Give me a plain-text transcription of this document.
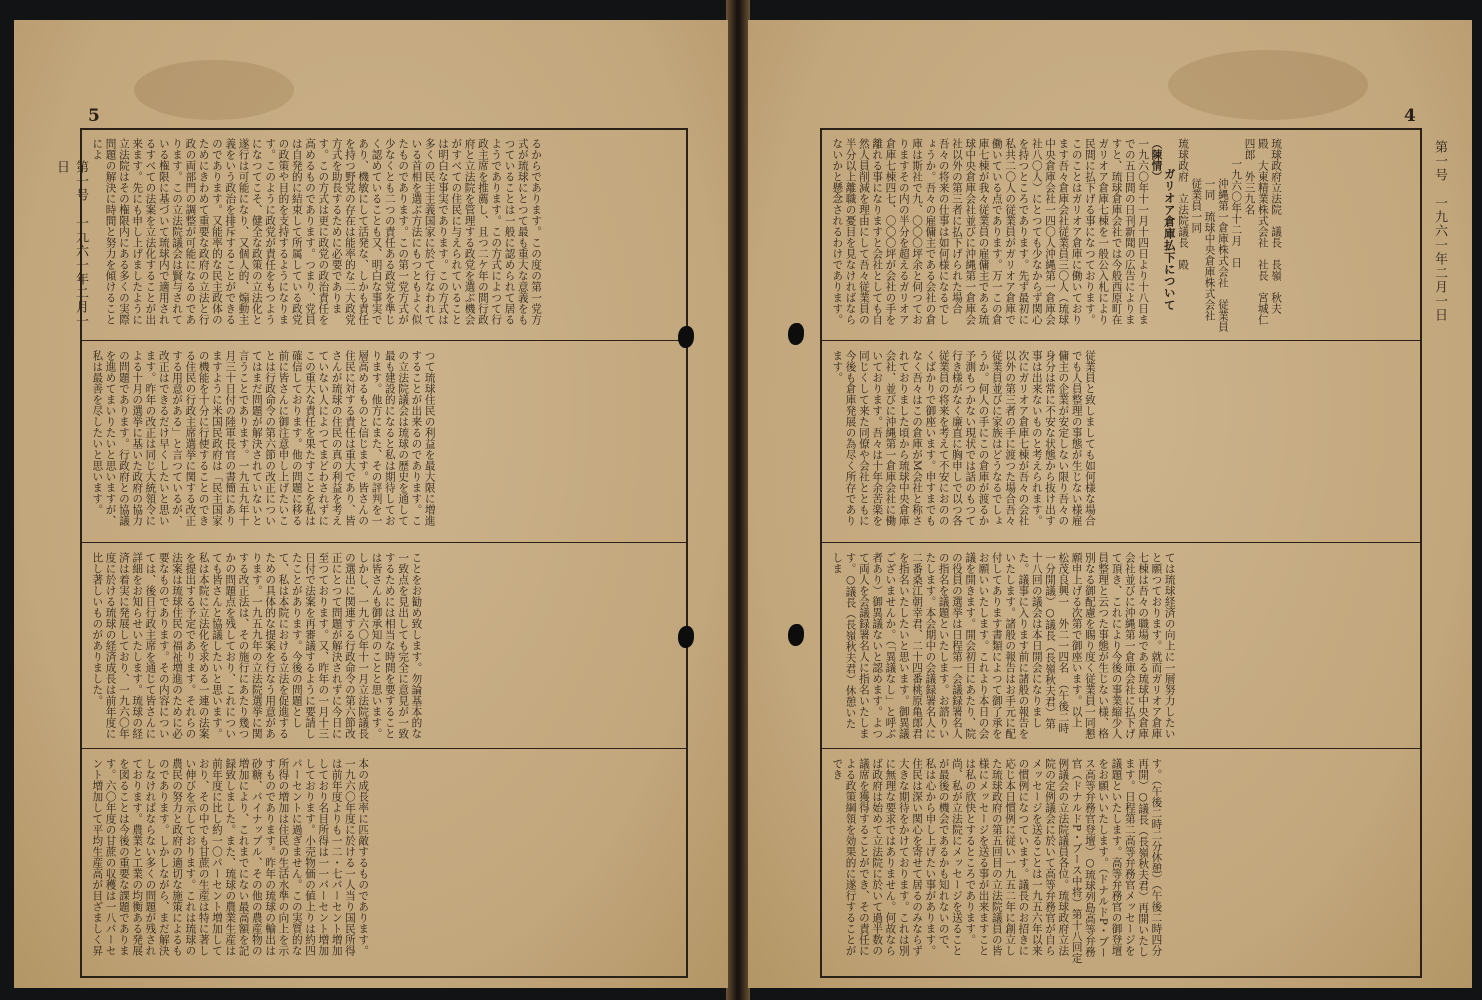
5
第一号　一九六一年二月一日	るからであります。この度の第一党方式が琉球にとつて最も重大な意義をもつていることは一般に認められて居るようであります。この方式によつて行政主席を推薦し、且つ二ケ年の間行政府と立法院を管理する政党を選ぶ機会がすべての住民に与えられていることは明白な事実であります。この方式は多くの民主主義国家に於て行なわれている首相を選ぶ方法にもつともよく似たものであります。この第一党方式が少なくとも二つの責任ある政党を準じく認めていることも又、明白な事実であり、機敏にして活発な、しかも責任を持つ野党の存在は能率的な二大政党方式を助長するために必要であります。この方式は更に政党の政治責任を高めるものであります。つまり、党員は自発的に結束して所属している政党の政策や目的を支持するようになります。このように政党が責任をもつようになつてこそ、健全な政策の立法化と遂行は可能になり、又個人的、煽動主義をいう政治を排斥することができるのであります。又能率的な民主政体のためにきわめて重要な政府の立法と行政の両部門の調整が可能になるのであります。この立法院議会は賢与されている権限に基づいて琉球内で適用されるすべての法案を立法化することが出来ます。先にも申し上げましたように立法院はその権限内にある多くの実際問題の解決に時間と努力を傾けることによ
つて琉球住民の利益を最大限に増進することが出来るのであります。この立法院議会は琉球の歴史を通して最も建設的になると私は期待しております。他方にまた、その評判を一層高めるものと信じます。皆さんの住民に対する責任は重大であり、皆さんが琉球の住民の真の利益を考えていない人によつてまどわされずにこの重大な責任を果たすことを私は確信しております。他の問題に移る前に皆さんに御注意申し上げたいことは行政命令の第六節の改正についてはまだ問題が解決されていないと言うことであります。一九五九年十月三十日付の陸軍長官の書簡にありますように米国民政府は「民主国家の機能を十分に行使することのできる住民の行政主席選挙に関する改正する用意がある」と言つているが、改正はできるだけ早くしたいと思います。昨年の改正は同じ大統領令による十月の選挙に基いた政府の協力の問題であります。行政府との協議を進めてまいりたいと思いますが、私は最善を尽したいと思います。
ことをお勧め致します。勿論基本的な一致点を見出しても完全に意見が一致するためには相当な時間を要することは皆さんも御承知のことと思います。しかし、一九六〇年十一月立法院議長の選出に関連する行政命令の第六節改正にとつて問題が解決されずに今日に至つております。又、昨年の一月十三日付で法案を再審議するように要請したことがあります。今後の問題として、私は本院における立法を促進するための具体的な提案を行なう用意があります。一九五九年の立法院選挙に関する改正法は、その施行にあたり幾つかの問題点を残しており、これについても皆さんと協議したいと思います。私は本院に立法化を求める一連の法案を提出する予定であります。それらの法案は琉球住民の福祉増進のために必要なものであります。その内容については、後日行政主席を通じて皆さんに詳細をお知らせいたします。琉球の経済は着実に発展しており、一九六〇年度に於ける琉球の経済成長は前年度に比し著しいものがありました。
本の成長率に匹敵するものであります。一九六〇年度に於ける一人当り国民所得は前年度よりも一二・七パーセント増加しており名目所得は一一パーセント増加しております。小売物価の値上りは約四パーセントに過ぎません。この実質的な所得の増加は住民の生活水準の向上を示すものであります。昨年の琉球の輸出は砂糖、パイナップル、その他の農産物の増加により、これまでにない最高額を記録致しました。また、琉球の農業生産は前年度に比し約一〇パーセント増加しており、その中でも甘蔗の生産は特に著しい伸びを示しております。これは琉球の農民の努力と政府の適切な施策によるものであります。しかしながら、まだ解決しなければならない多くの問題が残されております。農業と工業の均衡ある発展を図ることは今後の重要な課題であります。六〇年度の甘蔗の収穫は一八パーセント増加して平均生産高が目ざましく昇
4
第一号　一九六一年二月一日

琉球政府立法院　議長　長嶺　秋夫　殿　大東精業株式会社　社長　宮城仁四郎　外三九名

一九六〇年十二月　日

沖縄第一倉庫株式会社　従業員一同　琉球中央倉庫株式会社　従業員一同

琉球政府　立法院議長　殿

ガリオア倉庫払下について

（陳情）

一九六〇年十一月十四日より十八日までの五日間の日刊新聞の広告によりますと、琉球倉庫会社では今般西原町在ガリオア倉庫七棟を一般公入札により民間に払下げる事になつております。このことはガリオア倉庫に働いております吾々倉庫会社従業員三〇人（琉球中央倉庫会社一四〇人沖縄第一倉庫会社八〇人）にとつても少なからず関心を持つところであります。先ず最初に私共二〇人の従業員がガリオア倉庫で働いている点であります。万一この倉庫七棟が我々従業員の雇傭主である琉球中央倉庫会社並びに沖縄第一倉庫会社以外の第三者に払下げられた場合吾々の将来の仕事は如何様になるでしょうか。吾々の雇傭主である会社の倉庫は斯社で九、〇〇〇坪余と伺つておりますその内の半分を超えるガリオア倉庫七棟四七、〇〇〇坪が会社の手を離れる事になりますと会社としても自然人員削減を理由にして吾々従業員の半分以上離職の憂目を見なければならないかと懸念されるわけであります。

従業員と致しましても如何様な場合でも人員整理の事態が生じない様雇傭主の企業が安定しない限り吾々の身分は常に不安な状態から抜け出す事は出来ないものと考えられます。次にガリオア倉庫七棟が吾々の会社以外の第三者の手に渡つた場合吾々従業員並びに家族はどうなるでしょうか。何人の手にこの倉庫が渡るか予測もつかない現状では話のもつて行き様がなく廉直に胸申しで以つ各従業員の将来を考えて不安におののくばかりで御座います。申すまでもなく吾々はこの倉庫がM会社と称されておりました頃から琉球中央倉庫会社、並びに沖縄第一倉庫会社に働いております。吾々は十年余苦楽を同じくして来た同僚や会社とともに今後も倉庫発展の為尽く所存であります。
ては琉球経済の向上に一層努力したいと願つております。就而ガリオア倉庫七棟は吾々の職場である琉球中央倉庫会社並びに沖縄第一倉庫会社に払下げて頂き、これにより今後の事業縮少人員整理と云つた事態が生じない様、格別なる御配慮を賜り度く従業員一同懇願申上げる次第で御座います。以上　松茂良興一　外二一四名　（午後二時一分開議）○議長（長嶺秋夫君）第十八回の議会は本日開会になりました。議事に入ります前に諸般の報告をいたします。諸般の報告はお手元に配付してあります書類によつて御了承をお願いいたします。これより本日の会議を開きます。開会初日にあたり、院の役員の選挙は日程第一会議録署名人の指名を議題といたします。お諮りいたします。本会期中の会議録署名人に二番桑江朝幸君、二十四番桃原亀郎君を指名いたしたいと思います。御異議ございませんか。（「異議なし」と呼ぶ者あり）御異議ないと認めます。よつて両人を会議録署名人に指名いたします。○議長（長嶺秋夫君）休憩いたしま
す。（午後二時二分休憩）（午後二時四分再開）○議長（長嶺秋夫君）再開いたします。日程第二高等弁務官メッセージを議題といたします。高等弁務官の御登壇をお願いいたします。（ドナルドP・ブース高等弁務官登壇）○琉球列島高等弁務官（ドナルドP・ブース中将）第十八回定例議会の立法院議員各位。琉球政府立法院の定例議会に於いて高等弁務官が自らメッセージを送ることは一九五六年以来の慣例になつています。議長のお招きに応じ本日慣例に従い一九五二年に創立した琉球政府の第五回目の立法院議員の皆様にメッセージを送る事が出来ますことは私の欣快とするところであります。尚、私が立法院にメッセージを送ることが最後の機会であるかも知れないので、私は心から申し上げたい事があります。住民は深い関心を寄せて居るのみならず大きな期待をかけております。これは別に無理な要求ではありません。何故ならば政府は始めて立法院に於いて過半数の議席を獲得することができ、その責任による政策綱領を効果的に遂行することができ
